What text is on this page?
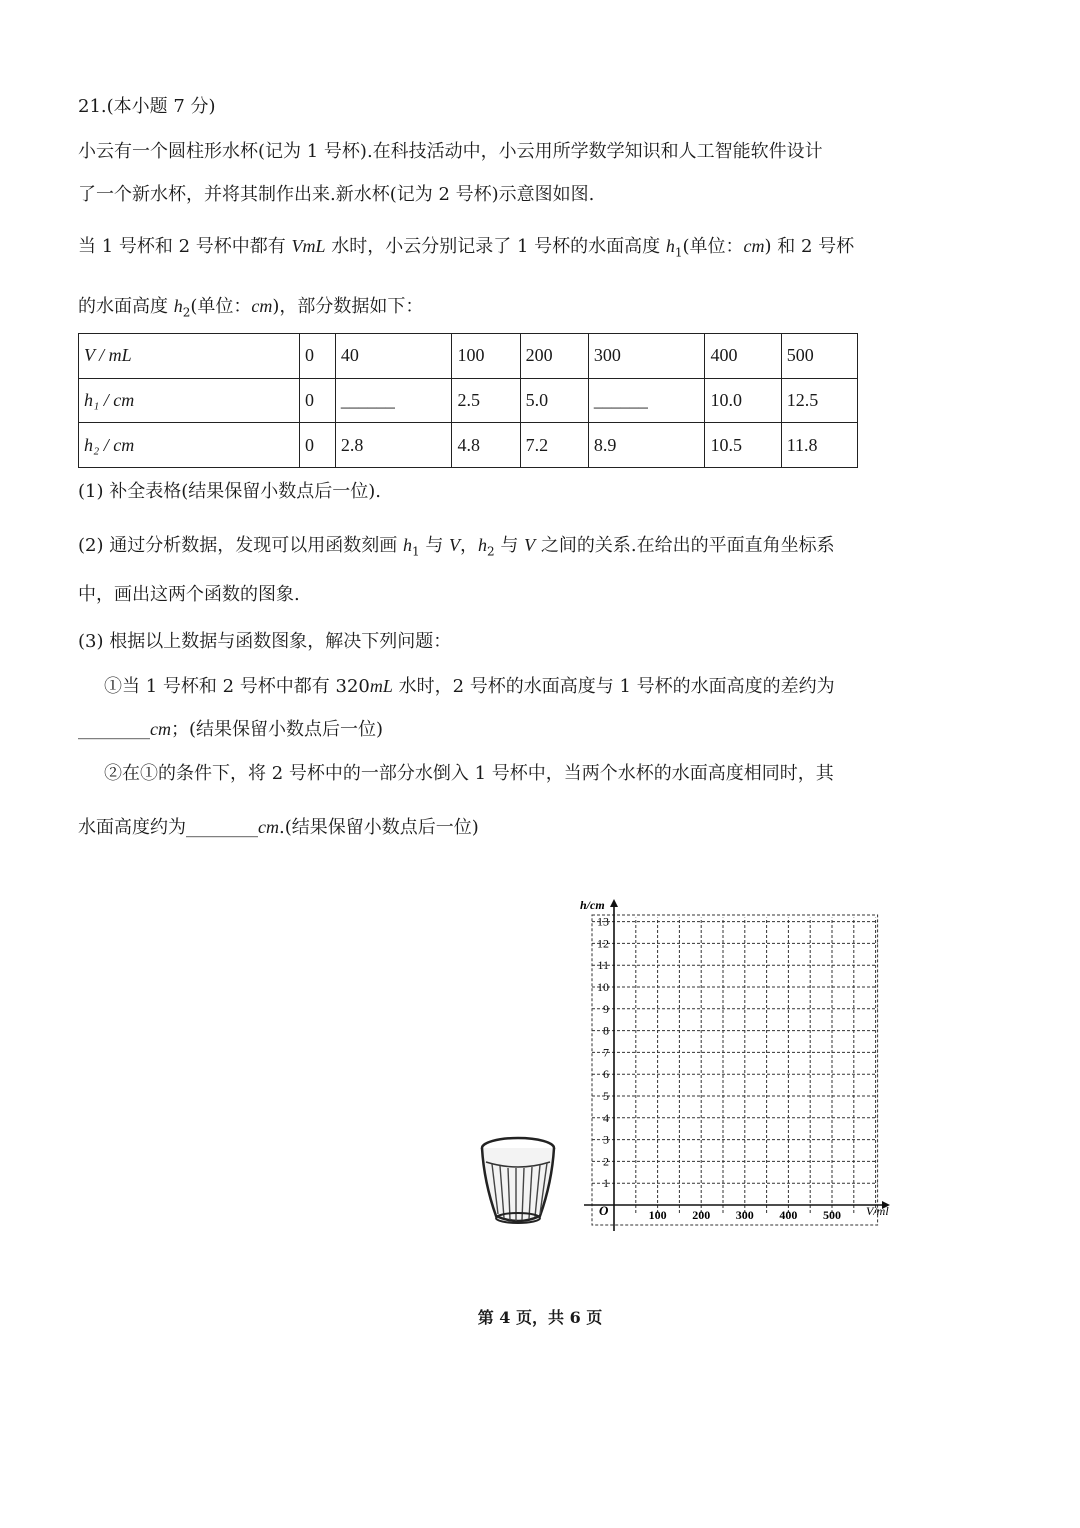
21.(本小题 7 分)
小云有一个圆柱形水杯(记为 1 号杯).在科技活动中，小云用所学数学知识和人工智能软件设计
了一个新水杯，并将其制作出来.新水杯(记为 2 号杯)示意图如图.
当 1 号杯和 2 号杯中都有 VmL 水时，小云分别记录了 1 号杯的水面高度 $h_1$(单位：cm) 和 2 号杯
的水面高度 $h_2$(单位：cm)，部分数据如下：
V / mL	0	40	100	200	300	400	500
h₁ / cm	0	______	2.5	5.0	______	10.0	12.5
h₂ / cm	0	2.8	4.8	7.2	8.9	10.5	11.8
(1) 补全表格(结果保留小数点后一位).
(2) 通过分析数据，发现可以用函数刻画 $h_1$ 与 V，$h_2$ 与 V 之间的关系.在给出的平面直角坐标系
中，画出这两个函数的图象.
(3) 根据以上数据与函数图象，解决下列问题：
①当 1 号杯和 2 号杯中都有 320mL 水时，2 号杯的水面高度与 1 号杯的水面高度的差约为
________cm；(结果保留小数点后一位)
②在①的条件下，将 2 号杯中的一部分水倒入 1 号杯中，当两个水杯的水面高度相同时，其
水面高度约为________cm.(结果保留小数点后一位)
1
2
3
4
5
6
7
8
9
10
11
12
13
100 200 300 400 500
h/cm
V/ml
O
第 4 页，共 6 页
